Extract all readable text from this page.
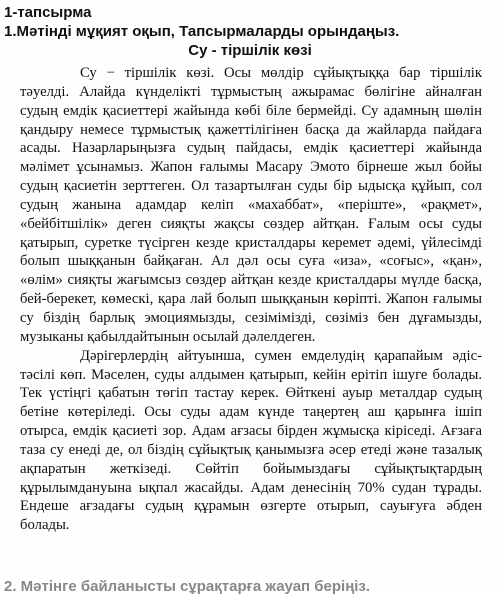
1-тапсырма
1.Мәтінді мұқият оқып, Тапсырмаларды орындаңыз.
Су - тіршілік көзі

Су − тіршілік көзі. Осы мөлдір сұйықтыққа бар тіршілік тәуелді. Алайда күнделікті тұрмыстың ажырамас бөлігіне айналған судың емдік қасиеттері жайында көбі біле бермейді. Су адамның шөлін қандыру немесе тұрмыстық қажеттілігінен басқа да жайларда пайдаға асады. Назарларыңызға судың пайдасы, емдік қасиеттері жайында мәлімет ұсынамыз. Жапон ғалымы Масару Эмото бірнеше жыл бойы судың қасиетін зерттеген. Ол тазартылған суды бір ыдысқа құйып, сол судың жанына адамдар келіп «махаббат», «періште», «рақмет», «бейбітшілік» деген сияқты жақсы сөздер айтқан. Ғалым осы суды қатырып, суретке түсірген кезде кристалдары керемет әдемі, үйлесімді болып шыққанын байқаған. Ал дәл осы суға «иза», «соғыс», «қан», «өлім» сияқты жағымсыз сөздер айтқан кезде кристалдары мүлде басқа, бей-берекет, көмескі, қара лай болып шыққанын көріпті. Жапон ғалымы су біздің барлық эмоциямызды, сезімімізді, сөзіміз бен дұғамызды, музыканы қабылдайтынын осылай дәлелдеген.

Дәрігерлердің айтуынша, сумен емделудің қарапайым әдіс-тәсілі көп. Мәселен, суды алдымен қатырып, кейін ерітіп ішуге болады. Тек үстіңгі қабатын төгіп тастау керек. Өйткені ауыр металдар судың бетіне көтеріледі. Осы суды адам күнде таңертең аш қарынға ішіп отырса, емдік қасиеті зор. Адам ағзасы бірден жұмысқа кіріседі. Ағзаға таза су енеді де, ол біздің сұйықтық қанымызға әсер етеді және тазалық ақпаратын жеткізеді. Сөйтіп бойымыздағы сұйықтықтардың құрылымдануына ықпал жасайды. Адам денесінің 70% судан тұрады. Ендеше ағзадағы судың құрамын өзгерте отырып, сауығуға әбден болады.

2. Мәтінге байланысты сұрақтарға жауап беріңіз.
